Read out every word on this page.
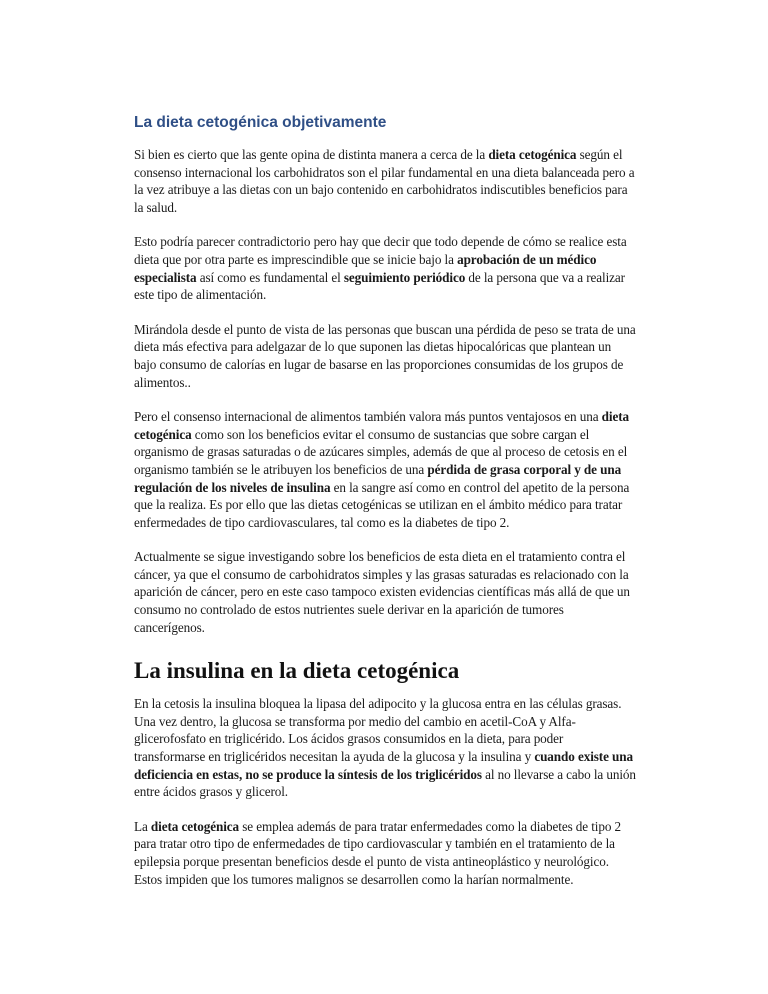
La dieta cetogénica objetivamente

Si bien es cierto que las gente opina de distinta manera a cerca de la dieta cetogénica según el consenso internacional los carbohidratos son el pilar fundamental en una dieta balanceada pero a la vez atribuye a las dietas con un bajo contenido en carbohidratos indiscutibles beneficios para la salud.

Esto podría parecer contradictorio pero hay que decir que todo depende de cómo se realice esta dieta que por otra parte es imprescindible que se inicie bajo la aprobación de un médico especialista así como es fundamental el seguimiento periódico de la persona que va a realizar este tipo de alimentación.

Mirándola desde el punto de vista de las personas que buscan una pérdida de peso se trata de una dieta más efectiva para adelgazar de lo que suponen las dietas hipocalóricas que plantean un bajo consumo de calorías en lugar de basarse en las proporciones consumidas de los grupos de alimentos..

Pero el consenso internacional de alimentos también valora más puntos ventajosos en una dieta cetogénica como son los beneficios evitar el consumo de sustancias que sobre cargan el organismo de grasas saturadas o de azúcares simples, además de que al proceso de cetosis en el organismo también se le atribuyen los beneficios de una pérdida de grasa corporal y de una regulación de los niveles de insulina en la sangre así como en control del apetito de la persona que la realiza. Es por ello que las dietas cetogénicas se utilizan en el ámbito médico para tratar enfermedades de tipo cardiovasculares, tal como es la diabetes de tipo 2.

Actualmente se sigue investigando sobre los beneficios de esta dieta en el tratamiento contra el cáncer, ya que el consumo de carbohidratos simples y las grasas saturadas es relacionado con la aparición de cáncer, pero en este caso tampoco existen evidencias científicas más allá de que un consumo no controlado de estos nutrientes suele derivar en la aparición de tumores cancerígenos.

La insulina en la dieta cetogénica

En la cetosis la insulina bloquea la lipasa del adipocito y la glucosa entra en las células grasas. Una vez dentro, la glucosa se transforma por medio del cambio en acetil-CoA y Alfa-glicerofosfato en triglicérido. Los ácidos grasos consumidos en la dieta, para poder transformarse en triglicéridos necesitan la ayuda de la glucosa y la insulina y cuando existe una deficiencia en estas, no se produce la síntesis de los triglicéridos al no llevarse a cabo la unión entre ácidos grasos y glicerol.

La dieta cetogénica se emplea además de para tratar enfermedades como la diabetes de tipo 2 para tratar otro tipo de enfermedades de tipo cardiovascular y también en el tratamiento de la epilepsia porque presentan beneficios desde el punto de vista antineoplástico y neurológico. Estos impiden que los tumores malignos se desarrollen como la harían normalmente.
